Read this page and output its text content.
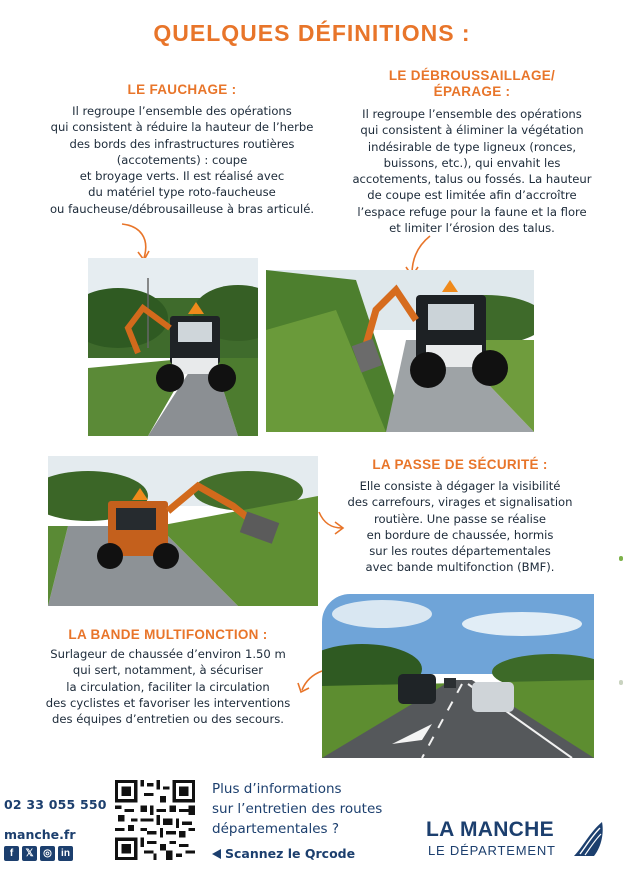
QUELQUES DÉFINITIONS :
LE FAUCHAGE :
Il regroupe l’ensemble des opérations
qui consistent à réduire la hauteur de l’herbe
des bords des infrastructures routières
(accotements) : coupe
et broyage verts. Il est réalisé avec
du matériel type roto-faucheuse
ou faucheuse/débrousailleuse à bras articulé.
LE DÉBROUSSAILLAGE/
ÉPARAGE :
Il regroupe l’ensemble des opérations
qui consistent à éliminer la végétation
indésirable de type ligneux (ronces,
buissons, etc.), qui envahit les
accotements, talus ou fossés. La hauteur
de coupe est limitée afin d’accroître
l’espace refuge pour la faune et la flore
et limiter l’érosion des talus.
LA PASSE DE SÉCURITÉ :
Elle consiste à dégager la visibilité
des carrefours, virages et signalisation
routière. Une passe se réalise
en bordure de chaussée, hormis
sur les routes départementales
avec bande multifonction (BMF).
LA BANDE MULTIFONCTION :
Surlageur de chaussée d’environ 1.50 m
qui sert, notamment, à sécuriser
la circulation, faciliter la circulation
des cyclistes et favoriser les interventions
des équipes d’entretien ou des secours.
02 33 055 550
manche.fr
f	𝕏 ◎ in
Plus d’informations
sur l’entretien des routes
départementales ?
Scannez le Qrcode
LA MANCHE
LE DÉPARTEMENT
